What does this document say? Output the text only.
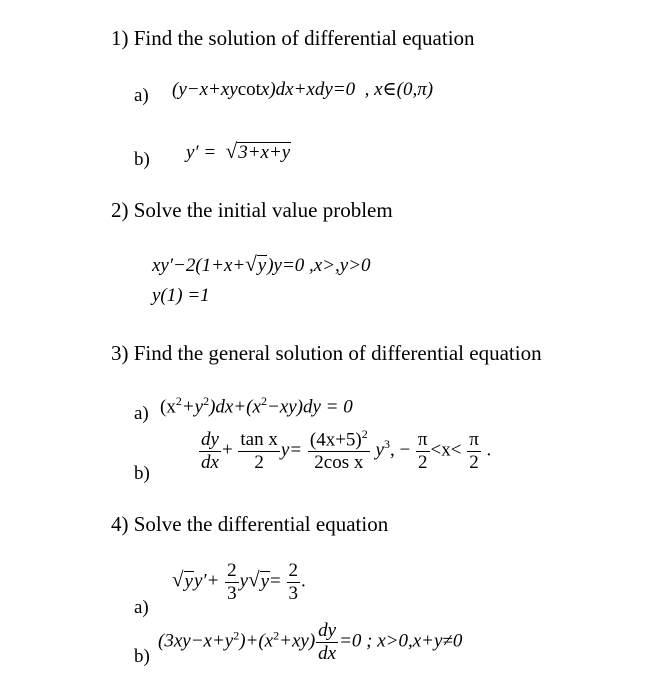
1) Find the solution of differential equation
a) (y−x+xycotx)dx+xdy=0 , x∈(0,π)
b) y′ = √3+x+y
2) Solve the initial value problem
xy′−2(1+x+√y)y=0 ,x>,y>0
y(1) =1
3) Find the general solution of differential equation
a) $(x^2+y^2)dx+(x^2-xy)dy = 0$
b)
$\frac{dy}{dx} + \frac{\text{tan x}}{2} y= \frac{(4x+5)^2}{\text{2cos x}} y^3$, − $\frac{\pi}{2} <x< \frac{\pi}{2}$ .
4) Solve the differential equation
a)
$√yy'+ \frac{2}{3} y√y= \frac{2}{3}$ .
b)
$(3xy-x+y^2)+(x^2+xy) \frac{dy}{dx} =0$ ; x>0,x+y≠0
